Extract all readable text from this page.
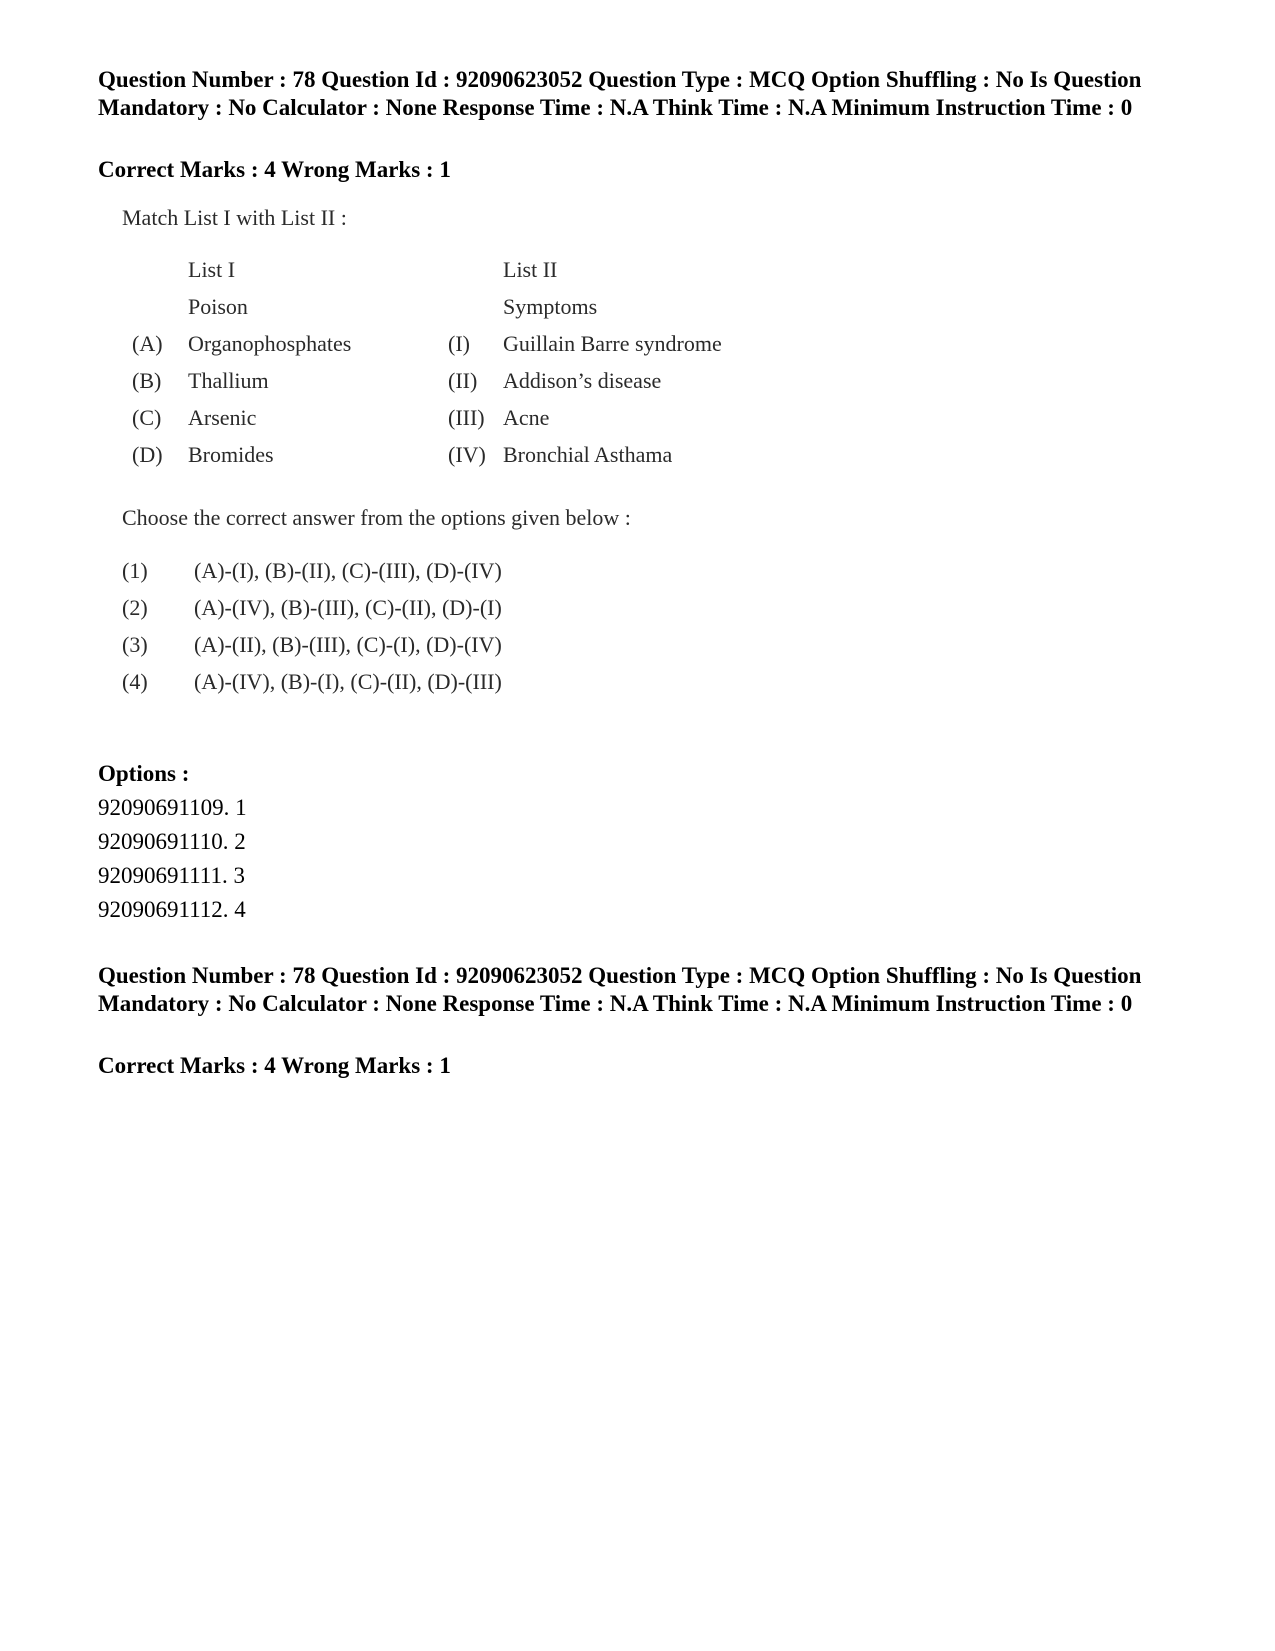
Question Number : 78 Question Id : 92090623052 Question Type : MCQ Option Shuffling : No Is Question Mandatory : No Calculator : None Response Time : N.A Think Time : N.A Minimum Instruction Time : 0
Correct Marks : 4 Wrong Marks : 1
Match List I with List II :
List I	List II
Poison	Symptoms
(A) Organophosphates	(I) Guillain Barre syndrome
(B) Thallium	(II) Addison’s disease
(C) Arsenic	(III) Acne
(D) Bromides	(IV) Bronchial Asthama
Choose the correct answer from the options given below :
(1) (A)-(I), (B)-(II), (C)-(III), (D)-(IV)
(2) (A)-(IV), (B)-(III), (C)-(II), (D)-(I)
(3) (A)-(II), (B)-(III), (C)-(I), (D)-(IV)
(4) (A)-(IV), (B)-(I), (C)-(II), (D)-(III)
Options :
92090691109. 1
92090691110. 2
92090691111. 3
92090691112. 4
Question Number : 78 Question Id : 92090623052 Question Type : MCQ Option Shuffling : No Is Question Mandatory : No Calculator : None Response Time : N.A Think Time : N.A Minimum Instruction Time : 0
Correct Marks : 4 Wrong Marks : 1
